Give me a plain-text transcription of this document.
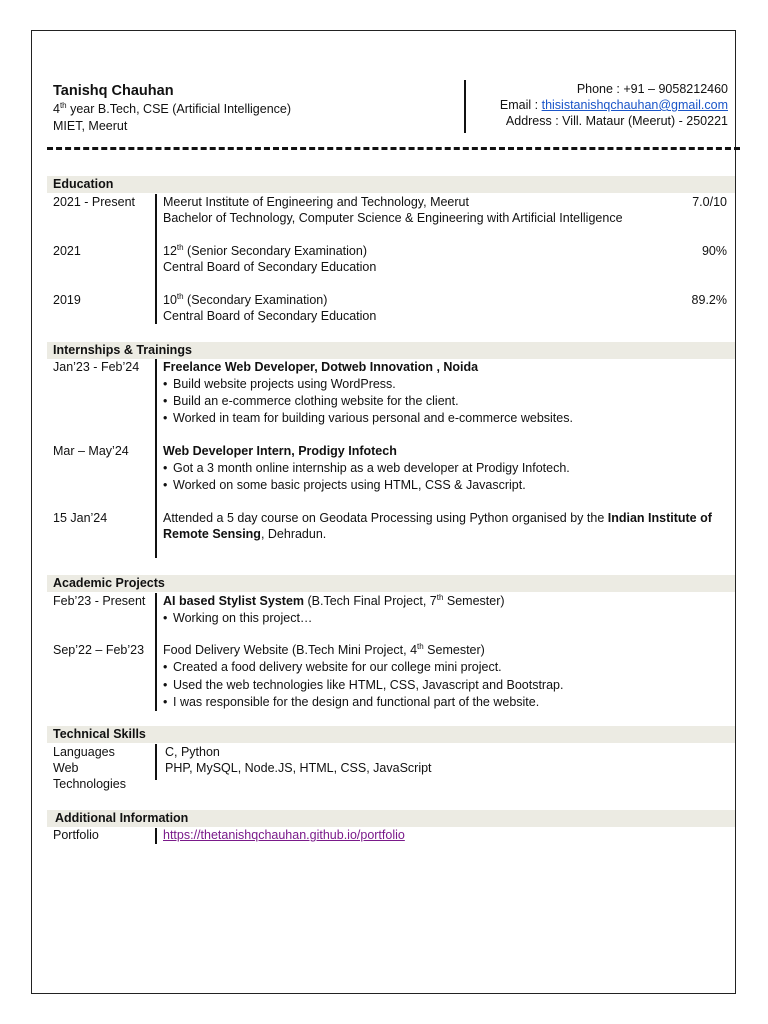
Tanishq Chauhan
4th year B.Tech, CSE (Artificial Intelligence)
MIET, Meerut
Phone : +91 – 9058212460
Email : thisistanishqchauhan@gmail.com
Address : Vill. Mataur (Meerut) - 250221
Education
2021 - Present Meerut Institute of Engineering and Technology, Meerut
Bachelor of Technology, Computer Science & Engineering with Artificial Intelligence
7.0/10
2021	12th (Senior Secondary Examination)
Central Board of Secondary Education
90%
2019	10th (Secondary Examination)
Central Board of Secondary Education
89.2%
Internships & Trainings
Jan’23 - Feb’24 Freelance Web Developer, Dotweb Innovation , Noida
• Build website projects using WordPress.
• Build an e-commerce clothing website for the client.
• Worked in team for building various personal and e-commerce websites.
Mar – May’24	Web Developer Intern, Prodigy Infotech
• Got a 3 month online internship as a web developer at Prodigy Infotech.
• Worked on some basic projects using HTML, CSS & Javascript.
15 Jan’24	Attended a 5 day course on Geodata Processing using Python organised by the Indian Institute of
Remote Sensing, Dehradun.
Academic Projects
Feb’23 - Present AI based Stylist System (B.Tech Final Project, 7th Semester)
• Working on this project…
Sep’22 – Feb’23 Food Delivery Website (B.Tech Mini Project, 4th Semester)
• Created a food delivery website for our college mini project.
• Used the web technologies like HTML, CSS, Javascript and Bootstrap.
• I was responsible for the design and functional part of the website.
Technical Skills
Languages	C, Python
Web
Technologies
PHP, MySQL, Node.JS, HTML, CSS, JavaScript
Additional Information
Portfolio	https://thetanishqchauhan.github.io/portfolio
